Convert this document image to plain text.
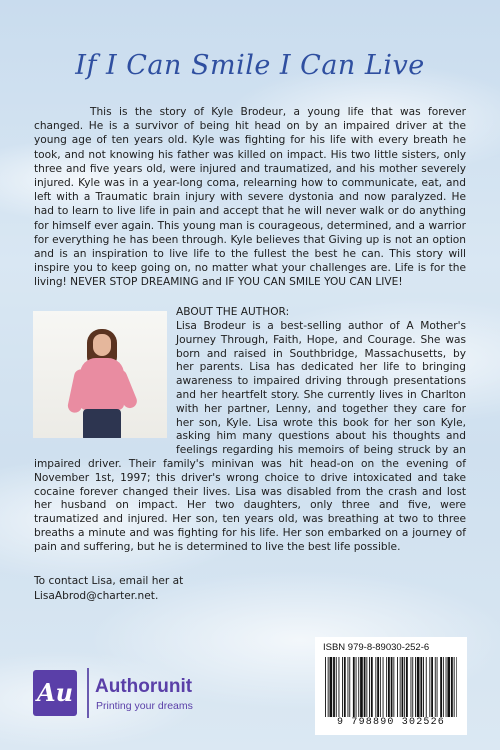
If I Can Smile I Can Live

This is the story of Kyle Brodeur, a young life that was forever changed. He is a survivor of being hit head on by an impaired driver at the young age of ten years old. Kyle was fighting for his life with every breath he took, and not knowing his father was killed on impact. His two little sisters, only three and five years old, were injured and traumatized, and his mother severely injured. Kyle was in a year-long coma, relearning how to communicate, eat, and left with a Traumatic brain injury with severe dystonia and now paralyzed. He had to learn to live life in pain and accept that he will never walk or do anything for himself ever again. This young man is courageous, determined, and a warrior for everything he has been through. Kyle believes that Giving up is not an option and is an inspiration to live life to the fullest the best he can. This story will inspire you to keep going on, no matter what your challenges are. Life is for the living! NEVER STOP DREAMING and IF YOU CAN SMILE YOU CAN LIVE!

ABOUT THE AUTHOR:

Lisa Brodeur is a best-selling author of A Mother's Journey Through, Faith, Hope, and Courage. She was born and raised in Southbridge, Massachusetts, by her parents. Lisa has dedicated her life to bringing awareness to impaired driving through presentations and her heartfelt story. She currently lives in Charlton with her partner, Lenny, and together they care for her son, Kyle. Lisa wrote this book for her son Kyle, asking him many questions about his thoughts and feelings regarding his memoirs of being struck by an impaired driver. Their family's minivan was hit head-on on the evening of November 1st, 1997; this driver's wrong choice to drive intoxicated and take cocaine forever changed their lives. Lisa was disabled from the crash and lost her husband on impact. Her two daughters, only three and five, were traumatized and injured. Her son, ten years old, was breathing at two to three breaths a minute and was fighting for his life. Her son embarked on a journey of pain and suffering, but he is determined to live the best life possible.

To contact Lisa, email her at
LisaAbrod@charter.net.
Au Authorunit
Printing your dreams
ISBN 979-8-89030-252-6
9 798890 302526
